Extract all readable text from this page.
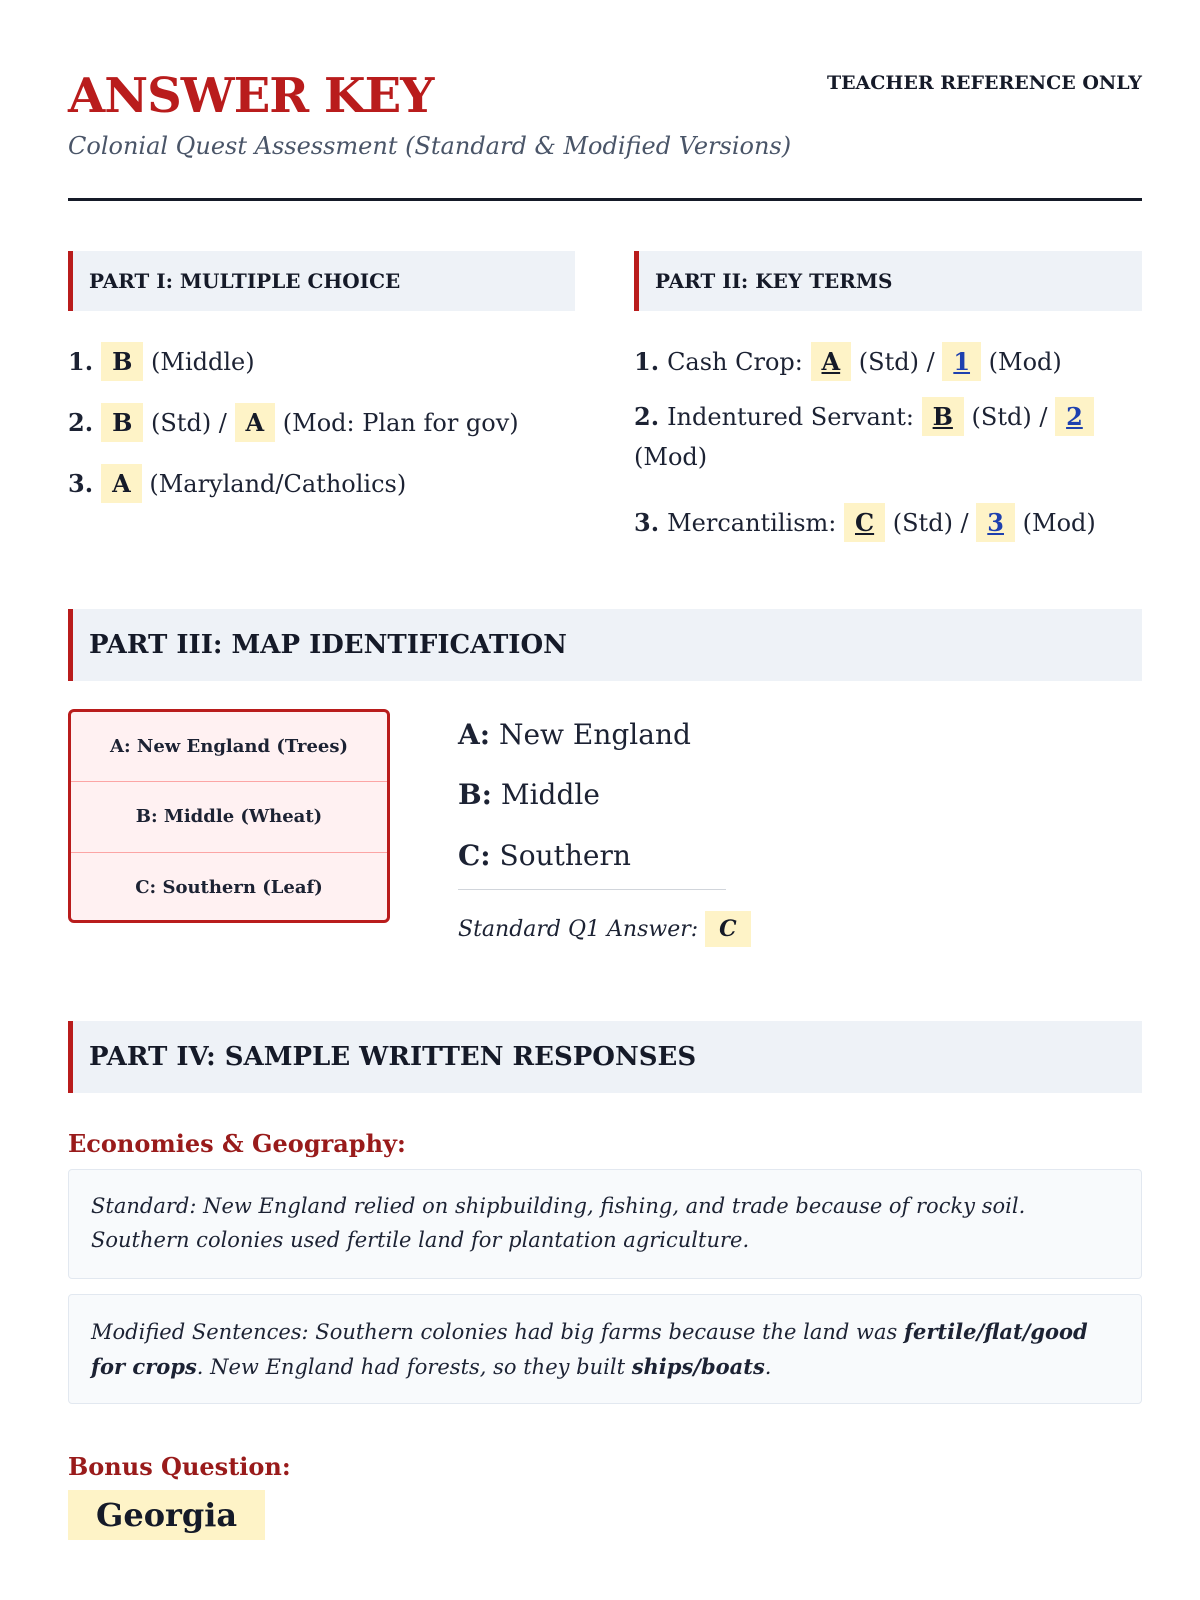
ANSWER KEY
Colonial Quest Assessment (Standard & Modified Versions)
TEACHER REFERENCE ONLY
PART I: MULTIPLE CHOICE
1. B (Middle)
2. B (Std) / A (Mod: Plan for gov)
3. A (Maryland/Catholics)
PART II: KEY TERMS
1. Cash Crop: A (Std) / 1 (Mod)
2. Indentured Servant: B (Std) / 2 (Mod)
3. Mercantilism: C (Std) / 3 (Mod)
PART III: MAP IDENTIFICATION
A: New England (Trees)
B: Middle (Wheat)
C: Southern (Leaf)
A: New England
B: Middle
C: Southern
Standard Q1 Answer: C
PART IV: SAMPLE WRITTEN RESPONSES
Economies & Geography:
Standard: New England relied on shipbuilding, fishing, and trade because of rocky soil. Southern colonies used fertile land for plantation agriculture.
Modified Sentences: Southern colonies had big farms because the land was fertile/flat/good for crops. New England had forests, so they built ships/boats.
Bonus Question:
Georgia
